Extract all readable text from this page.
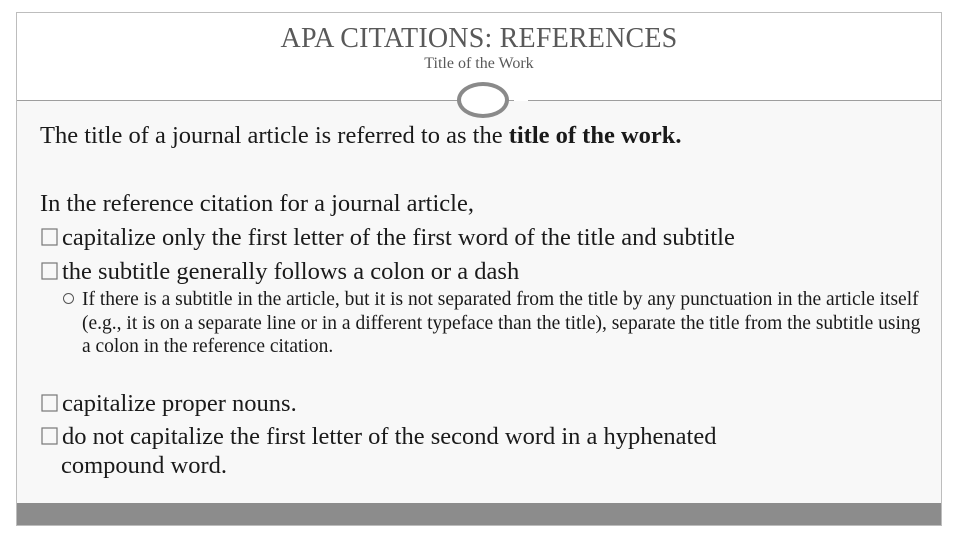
APA CITATIONS: REFERENCES
Title of the Work
The title of a journal article is referred to as the title of the work.
In the reference citation for a journal article,
capitalize only the first letter of the first word of the title and subtitle
the subtitle generally follows a colon or a dash
If there is a subtitle in the article, but it is not separated from the title by any punctuation in the article itself (e.g., it is on a separate line or in a different typeface than the title), separate the title from the subtitle using a colon in the reference citation.
capitalize proper nouns.
do not capitalize the first letter of the second word in a hyphenated
compound word.
